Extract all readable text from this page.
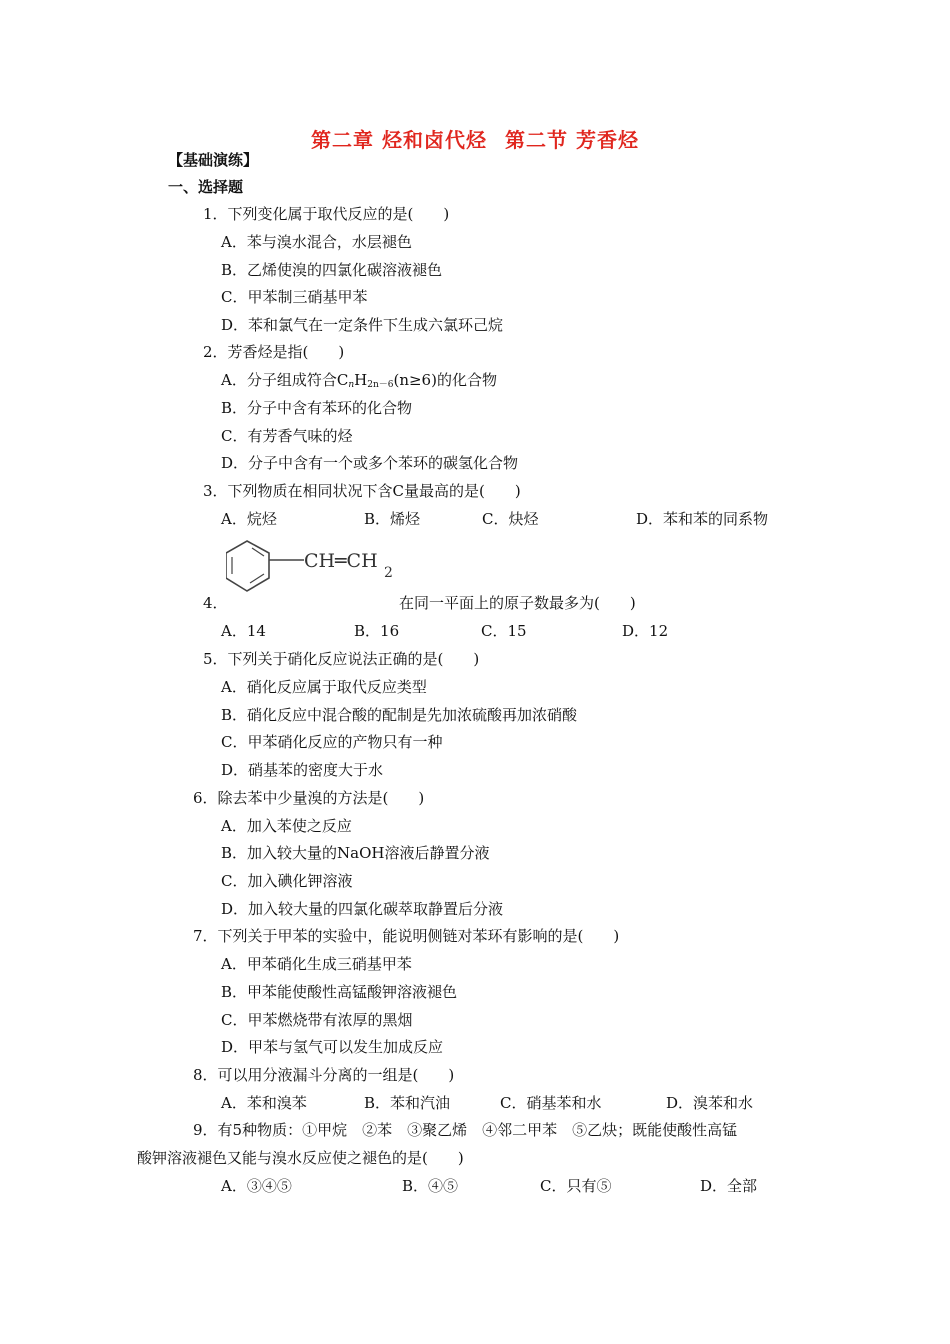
第二章 烃和卤代烃 第二节 芳香烃
【基础演练】
一、选择题
1．下列变化属于取代反应的是(　　)
A．苯与溴水混合，水层褪色
B．乙烯使溴的四氯化碳溶液褪色
C．甲苯制三硝基甲苯
D．苯和氯气在一定条件下生成六氯环己烷
2．芳香烃是指(　　)
A．分子组成符合$C_nH_{2n-6}(n\ge 6)$的化合物
B．分子中含有苯环的化合物
C．有芳香气味的烃
D．分子中含有一个或多个苯环的碳氢化合物
3．下列物质在相同状况下含C量最高的是(　　)
A．烷烃	B．烯烃	C．炔烃	D．苯和苯的同系物
CH═CH
2
4．	在同一平面上的原子数最多为(　　)
A．14	B．16	C．15	D．12
5．下列关于硝化反应说法正确的是(　　)
A．硝化反应属于取代反应类型
B．硝化反应中混合酸的配制是先加浓硫酸再加浓硝酸
C．甲苯硝化反应的产物只有一种
D．硝基苯的密度大于水
6．除去苯中少量溴的方法是(　　)
A．加入苯使之反应
B．加入较大量的NaOH溶液后静置分液
C．加入碘化钾溶液
D．加入较大量的四氯化碳萃取静置后分液
7．下列关于甲苯的实验中，能说明侧链对苯环有影响的是(　　)
A．甲苯硝化生成三硝基甲苯
B．甲苯能使酸性高锰酸钾溶液褪色
C．甲苯燃烧带有浓厚的黑烟
D．甲苯与氢气可以发生加成反应
8．可以用分液漏斗分离的一组是(　　)
A．苯和溴苯	B．苯和汽油	C．硝基苯和水	D．溴苯和水
9．有5种物质：①甲烷　②苯　③聚乙烯　④邻二甲苯　⑤乙炔；既能使酸性高锰
酸钾溶液褪色又能与溴水反应使之褪色的是(　　)
A．③④⑤	B．④⑤	C．只有⑤	D．全部
